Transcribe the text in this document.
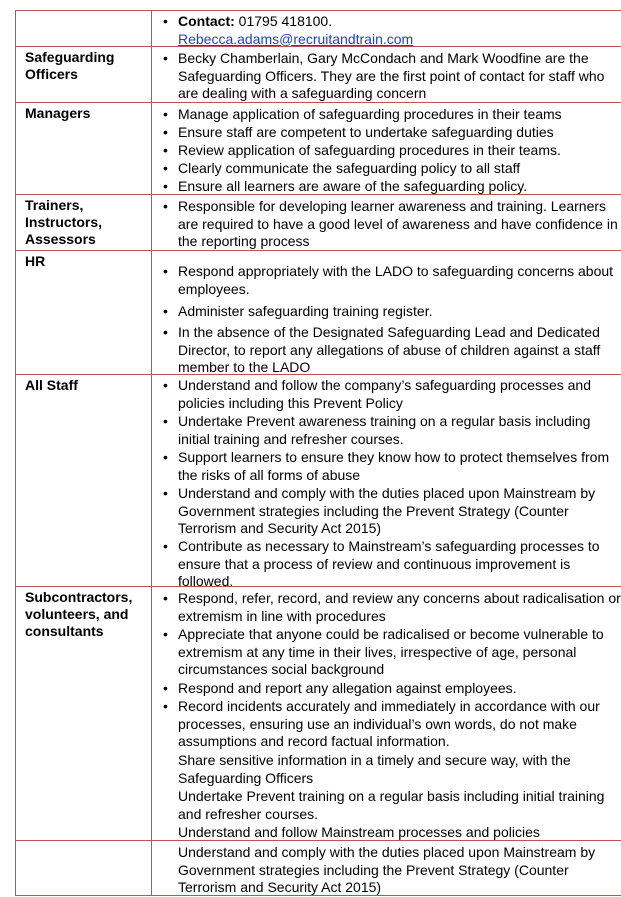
• Contact: 01795 418100.
Rebecca.adams@recruitandtrain.com
Safeguarding Officers
• Becky Chamberlain, Gary McCondach and Mark Woodfine are the Safeguarding Officers. They are the first point of contact for staff who are dealing with a safeguarding concern
Managers	• Manage application of safeguarding procedures in their teams
• Ensure staff are competent to undertake safeguarding duties
• Review application of safeguarding procedures in their teams.
• Clearly communicate the safeguarding policy to all staff
• Ensure all learners are aware of the safeguarding policy.
Trainers, Instructors, Assessors
• Responsible for developing learner awareness and training. Learners are required to have a good level of awareness and have confidence in the reporting process
HR
• Respond appropriately with the LADO to safeguarding concerns about employees.
• Administer safeguarding training register.
• In the absence of the Designated Safeguarding Lead and Dedicated Director, to report any allegations of abuse of children against a staff member to the LADO
All Staff	• Understand and follow the company’s safeguarding processes and policies including this Prevent Policy
• Undertake Prevent awareness training on a regular basis including initial training and refresher courses.
• Support learners to ensure they know how to protect themselves from the risks of all forms of abuse
• Understand and comply with the duties placed upon Mainstream by Government strategies including the Prevent Strategy (Counter Terrorism and Security Act 2015)
• Contribute as necessary to Mainstream’s safeguarding processes to ensure that a process of review and continuous improvement is followed.
Subcontractors, volunteers, and consultants
• Respond, refer, record, and review any concerns about radicalisation or extremism in line with procedures
• Appreciate that anyone could be radicalised or become vulnerable to extremism at any time in their lives, irrespective of age, personal circumstances social background
• Respond and report any allegation against employees.
• Record incidents accurately and immediately in accordance with our processes, ensuring use an individual’s own words, do not make assumptions and record factual information.
Share sensitive information in a timely and secure way, with the Safeguarding Officers
Undertake Prevent training on a regular basis including initial training and refresher courses.
Understand and follow Mainstream processes and policies
Understand and comply with the duties placed upon Mainstream by Government strategies including the Prevent Strategy (Counter Terrorism and Security Act 2015)
